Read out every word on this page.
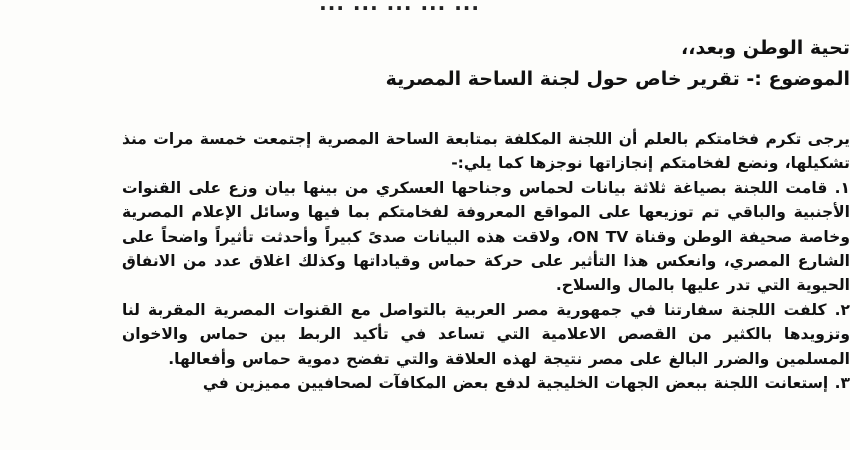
... ... ... ... ...
تحية الوطن وبعد،،
الموضوع :- تقرير خاص حول لجنة الساحة المصرية

يرجى تكرم فخامتكم بالعلم أن اللجنة المكلفة بمتابعة الساحة المصرية إجتمعت خمسة مرات منذ تشكيلها، ونضع لفخامتكم إنجازاتها نوجزها كما يلي:-

١. قامت اللجنة بصياغة ثلاثة بيانات لحماس وجناحها العسكري من بينها بيان وزع على القنوات الأجنبية والباقي تم توزيعها على المواقع المعروفة لفخامتكم بما فيها وسائل الإعلام المصرية وخاصة صحيفة الوطن وقناة ON TV، ولاقت هذه البيانات صدىً كبيراً وأحدثت تأثيراً واضحاً على الشارع المصري، وانعكس هذا التأثير على حركة حماس وقياداتها وكذلك اغلاق عدد من الانفاق الحيوية التي تدر عليها بالمال والسلاح.

٢. كلفت اللجنة سفارتنا في جمهورية مصر العربية بالتواصل مع القنوات المصرية المقربة لنا وتزويدها بالكثير من القصص الاعلامية التي تساعد في تأكيد الربط بين حماس والاخوان المسلمين والضرر البالغ على مصر نتيجة لهذه العلاقة والتي تفضح دموية حماس وأفعالها.

٣. إستعانت اللجنة ببعض الجهات الخليجية لدفع بعض المكافآت لصحافيين مميزين في
